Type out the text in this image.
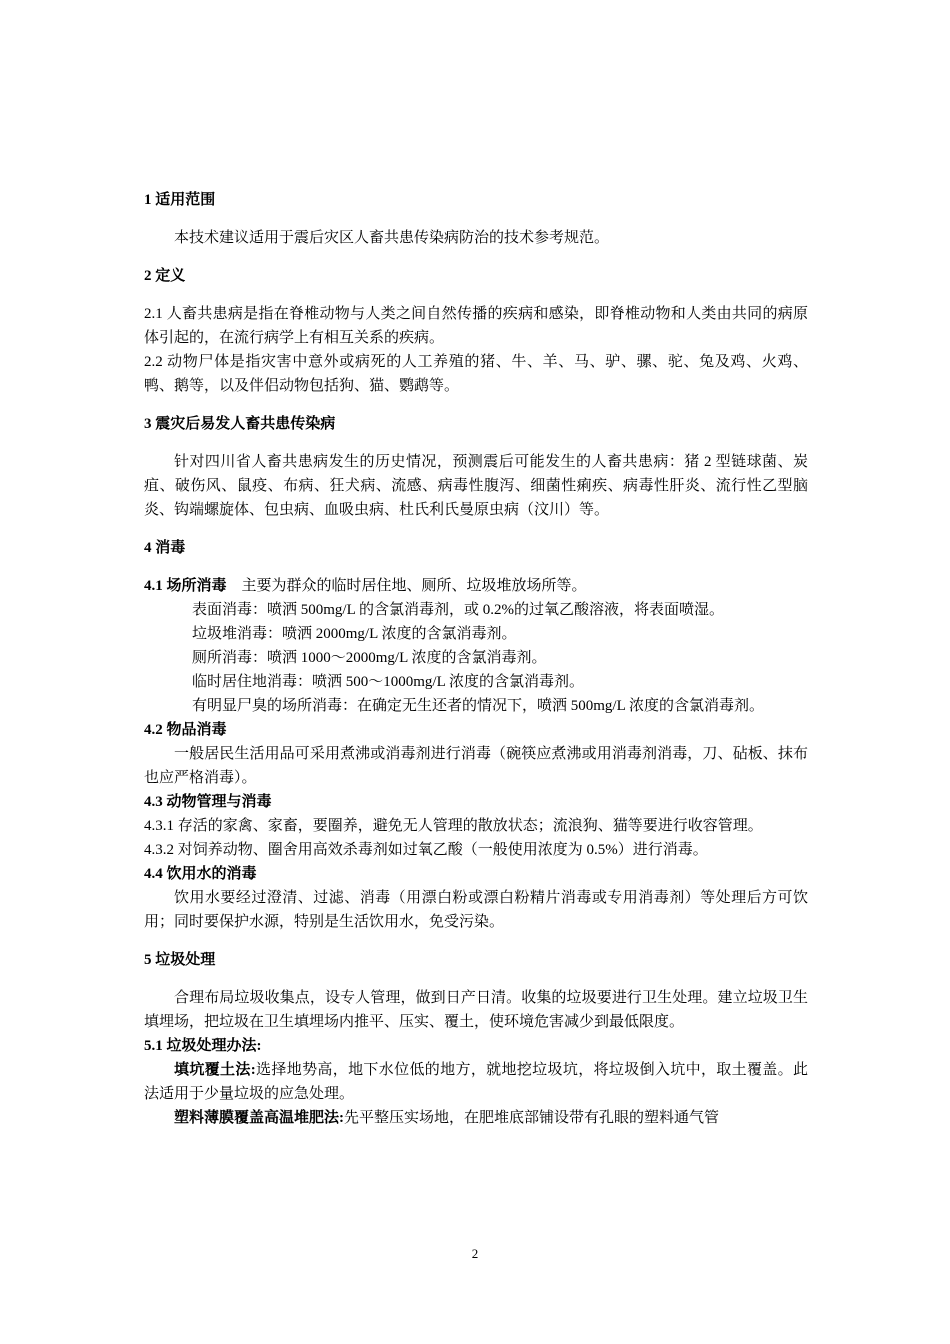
1 适用范围

本技术建议适用于震后灾区人畜共患传染病防治的技术参考规范。

2 定义

2.1 人畜共患病是指在脊椎动物与人类之间自然传播的疾病和感染，即脊椎动物和人类由共同的病原体引起的，在流行病学上有相互关系的疾病。

2.2 动物尸体是指灾害中意外或病死的人工养殖的猪、牛、羊、马、驴、骡、驼、兔及鸡、火鸡、鸭、鹅等，以及伴侣动物包括狗、猫、鹦鹉等。

3 震灾后易发人畜共患传染病

针对四川省人畜共患病发生的历史情况，预测震后可能发生的人畜共患病：猪 2 型链球菌、炭疽、破伤风、鼠疫、布病、狂犬病、流感、病毒性腹泻、细菌性痢疾、病毒性肝炎、流行性乙型脑炎、钩端螺旋体、包虫病、血吸虫病、杜氏利氏曼原虫病（汶川）等。

4 消毒

4.1 场所消毒　 主要为群众的临时居住地、厕所、垃圾堆放场所等。

表面消毒：喷洒 500mg/L 的含氯消毒剂，或 0.2%的过氧乙酸溶液，将表面喷湿。

垃圾堆消毒：喷洒 2000mg/L 浓度的含氯消毒剂。

厕所消毒：喷洒 1000～2000mg/L 浓度的含氯消毒剂。

临时居住地消毒：喷洒 500～1000mg/L 浓度的含氯消毒剂。

有明显尸臭的场所消毒：在确定无生还者的情况下，喷洒 500mg/L 浓度的含氯消毒剂。

4.2 物品消毒

一般居民生活用品可采用煮沸或消毒剂进行消毒（碗筷应煮沸或用消毒剂消毒，刀、砧板、抹布也应严格消毒）。

4.3 动物管理与消毒

4.3.1 存活的家禽、家畜，要圈养，避免无人管理的散放状态；流浪狗、猫等要进行收容管理。

4.3.2 对饲养动物、圈舍用高效杀毒剂如过氧乙酸（一般使用浓度为 0.5%）进行消毒。

4.4 饮用水的消毒

饮用水要经过澄清、过滤、消毒（用漂白粉或漂白粉精片消毒或专用消毒剂）等处理后方可饮用；同时要保护水源，特别是生活饮用水，免受污染。

5 垃圾处理

合理布局垃圾收集点，设专人管理，做到日产日清。收集的垃圾要进行卫生处理。建立垃圾卫生填埋场，把垃圾在卫生填埋场内推平、压实、覆土，使环境危害减少到最低限度。

5.1 垃圾处理办法:

填坑覆土法:选择地势高，地下水位低的地方，就地挖垃圾坑，将垃圾倒入坑中，取土覆盖。此法适用于少量垃圾的应急处理。

塑料薄膜覆盖高温堆肥法:先平整压实场地，在肥堆底部铺设带有孔眼的塑料通气管

2
